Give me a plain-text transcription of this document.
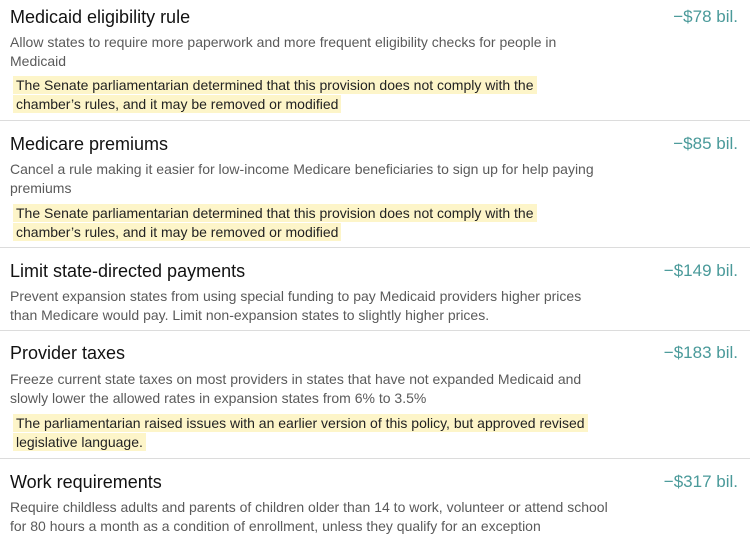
Medicaid eligibility rule	−$78 bil.
Allow states to require more paperwork and more frequent eligibility checks for people in Medicaid
The Senate parliamentarian determined that this provision does not comply with the
chamber’s rules, and it may be removed or modified
Medicare premiums	−$85 bil.
Cancel a rule making it easier for low-income Medicare beneficiaries to sign up for help paying premiums
The Senate parliamentarian determined that this provision does not comply with the
chamber’s rules, and it may be removed or modified
Limit state-directed payments	−$149 bil.
Prevent expansion states from using special funding to pay Medicaid providers higher prices than Medicare would pay. Limit non-expansion states to slightly higher prices.
Provider taxes	−$183 bil.
Freeze current state taxes on most providers in states that have not expanded Medicaid and slowly lower the allowed rates in expansion states from 6% to 3.5%
The parliamentarian raised issues with an earlier version of this policy, but approved revised
legislative language.
Work requirements	−$317 bil.
Require childless adults and parents of children older than 14 to work, volunteer or attend school for 80 hours a month as a condition of enrollment, unless they qualify for an exception
